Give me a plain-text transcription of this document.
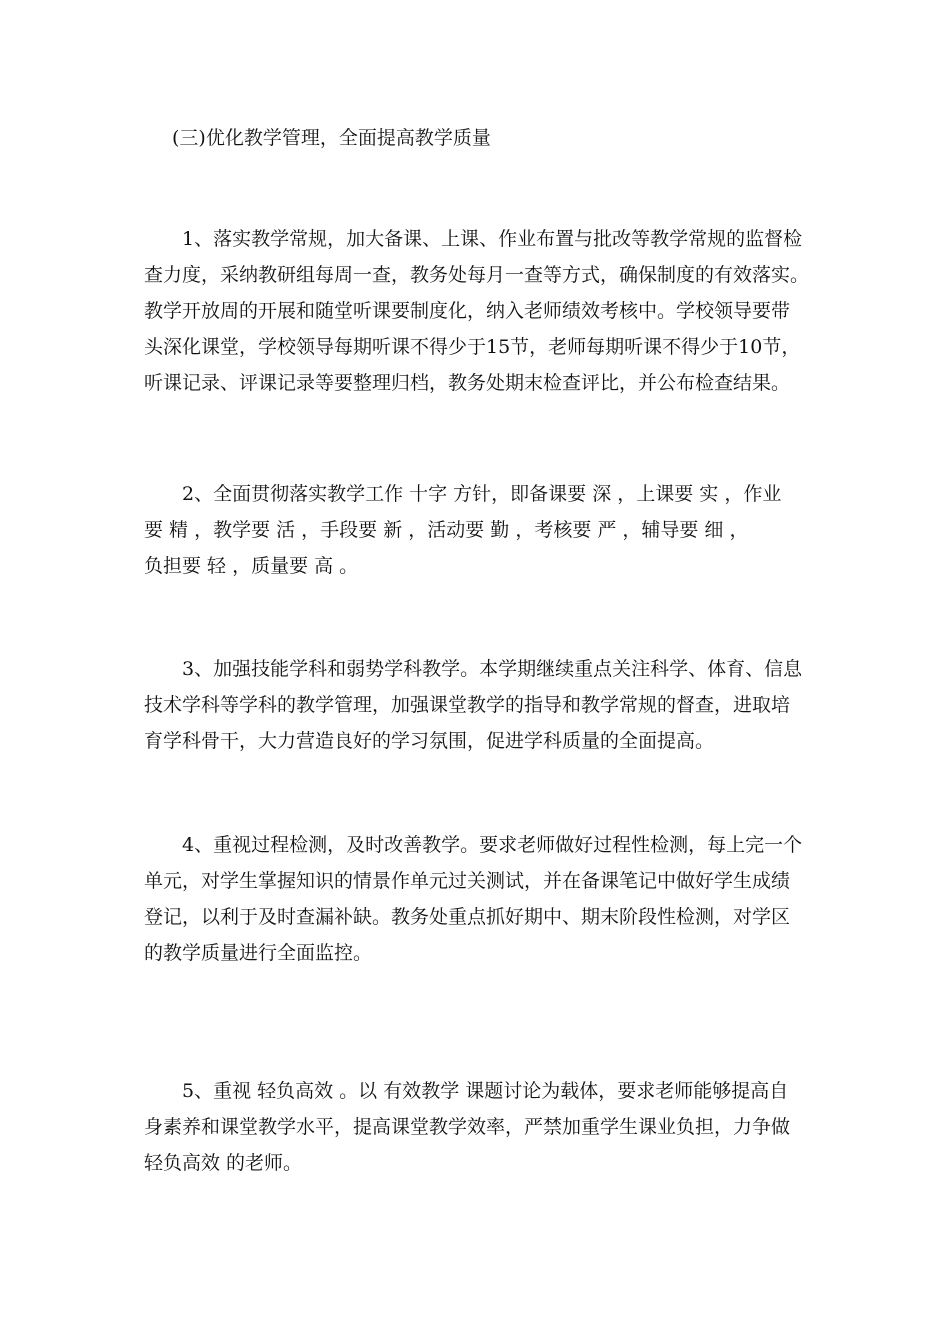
(三)优化教学管理，全面提高教学质量
　　1、落实教学常规，加大备课、上课、作业布置与批改等教学常规的监督检
查力度，采纳教研组每周一查，教务处每月一查等方式，确保制度的有效落实。
教学开放周的开展和随堂听课要制度化，纳入老师绩效考核中。学校领导要带
头深化课堂，学校领导每期听课不得少于15节，老师每期听课不得少于10节，
听课记录、评课记录等要整理归档，教务处期末检查评比，并公布检查结果。
　　2、全面贯彻落实教学工作 十字 方针，即备课要 深 ，上课要 实 ，作业
要 精 ，教学要 活 ，手段要 新 ，活动要 勤 ，考核要 严 ，辅导要 细 ，
负担要 轻 ，质量要 高 。
　　3、加强技能学科和弱势学科教学。本学期继续重点关注科学、体育、信息
技术学科等学科的教学管理，加强课堂教学的指导和教学常规的督查，进取培
育学科骨干，大力营造良好的学习氛围，促进学科质量的全面提高。
　　4、重视过程检测，及时改善教学。要求老师做好过程性检测，每上完一个
单元，对学生掌握知识的情景作单元过关测试，并在备课笔记中做好学生成绩
登记，以利于及时查漏补缺。教务处重点抓好期中、期末阶段性检测，对学区
的教学质量进行全面监控。
　　5、重视 轻负高效 。以 有效教学 课题讨论为载体，要求老师能够提高自
身素养和课堂教学水平，提高课堂教学效率，严禁加重学生课业负担，力争做
轻负高效 的老师。
